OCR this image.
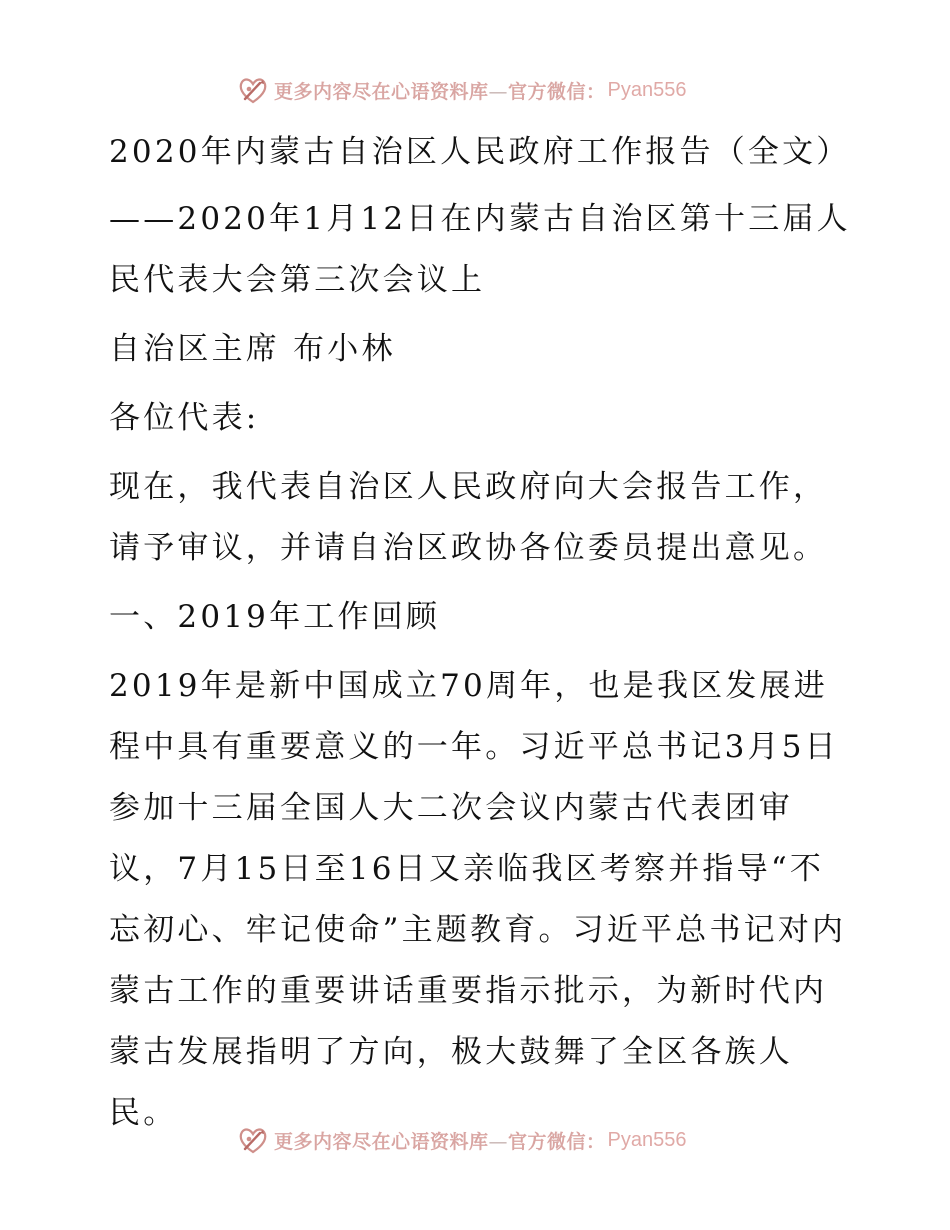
更多内容尽在心语资料库—官方微信： Pyan556

2020年内蒙古自治区人民政府工作报告（全文）

——2020年1月12日在内蒙古自治区第十三届人民代表大会第三次会议上

自治区主席 布小林

各位代表:

现在，我代表自治区人民政府向大会报告工作，请予审议，并请自治区政协各位委员提出意见。

一、2019年工作回顾

2019年是新中国成立70周年，也是我区发展进程中具有重要意义的一年。习近平总书记3月5日参加十三届全国人大二次会议内蒙古代表团审议，7月15日至16日又亲临我区考察并指导“不忘初心、牢记使命”主题教育。习近平总书记对内蒙古工作的重要讲话重要指示批示，为新时代内蒙古发展指明了方向，极大鼓舞了全区各族人民。

更多内容尽在心语资料库—官方微信： Pyan556
